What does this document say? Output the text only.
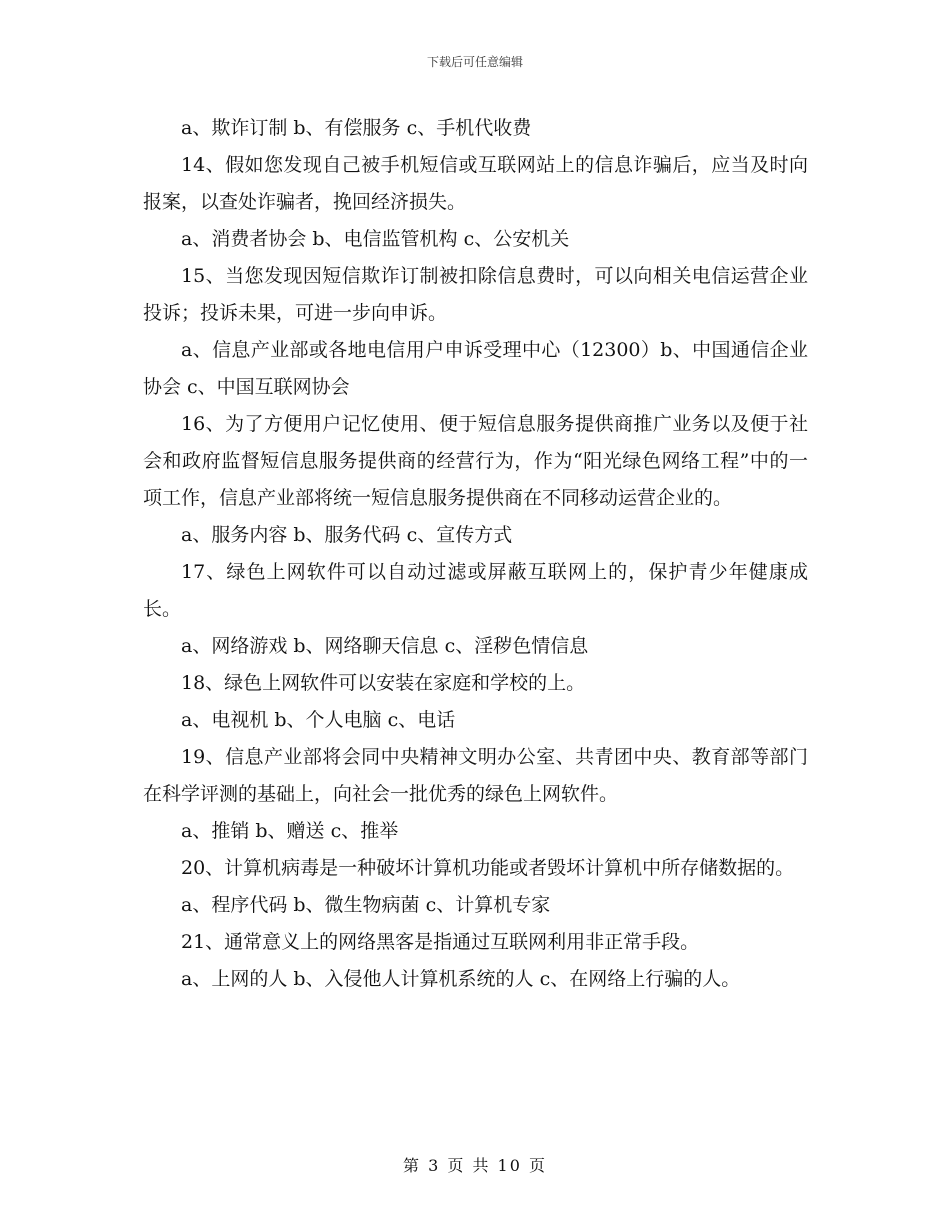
下载后可任意编辑

a、欺诈订制 b、有偿服务 c、手机代收费

14、假如您发现自己被手机短信或互联网站上的信息诈骗后，应当及时向报案，以查处诈骗者，挽回经济损失。

a、消费者协会 b、电信监管机构 c、公安机关

15、当您发现因短信欺诈订制被扣除信息费时，可以向相关电信运营企业投诉；投诉未果，可进一步向申诉。

a、信息产业部或各地电信用户申诉受理中心（12300）b、中国通信企业协会 c、中国互联网协会

16、为了方便用户记忆使用、便于短信息服务提供商推广业务以及便于社会和政府监督短信息服务提供商的经营行为，作为“阳光绿色网络工程”中的一项工作，信息产业部将统一短信息服务提供商在不同移动运营企业的。

a、服务内容 b、服务代码 c、宣传方式

17、绿色上网软件可以自动过滤或屏蔽互联网上的，保护青少年健康成长。

a、网络游戏 b、网络聊天信息 c、淫秽色情信息

18、绿色上网软件可以安装在家庭和学校的上。

a、电视机 b、个人电脑 c、电话

19、信息产业部将会同中央精神文明办公室、共青团中央、教育部等部门在科学评测的基础上，向社会一批优秀的绿色上网软件。

a、推销 b、赠送 c、推举

20、计算机病毒是一种破坏计算机功能或者毁坏计算机中所存储数据的。

a、程序代码 b、微生物病菌 c、计算机专家

21、通常意义上的网络黑客是指通过互联网利用非正常手段。

a、上网的人 b、入侵他人计算机系统的人 c、在网络上行骗的人。

第 3 页 共 10 页
